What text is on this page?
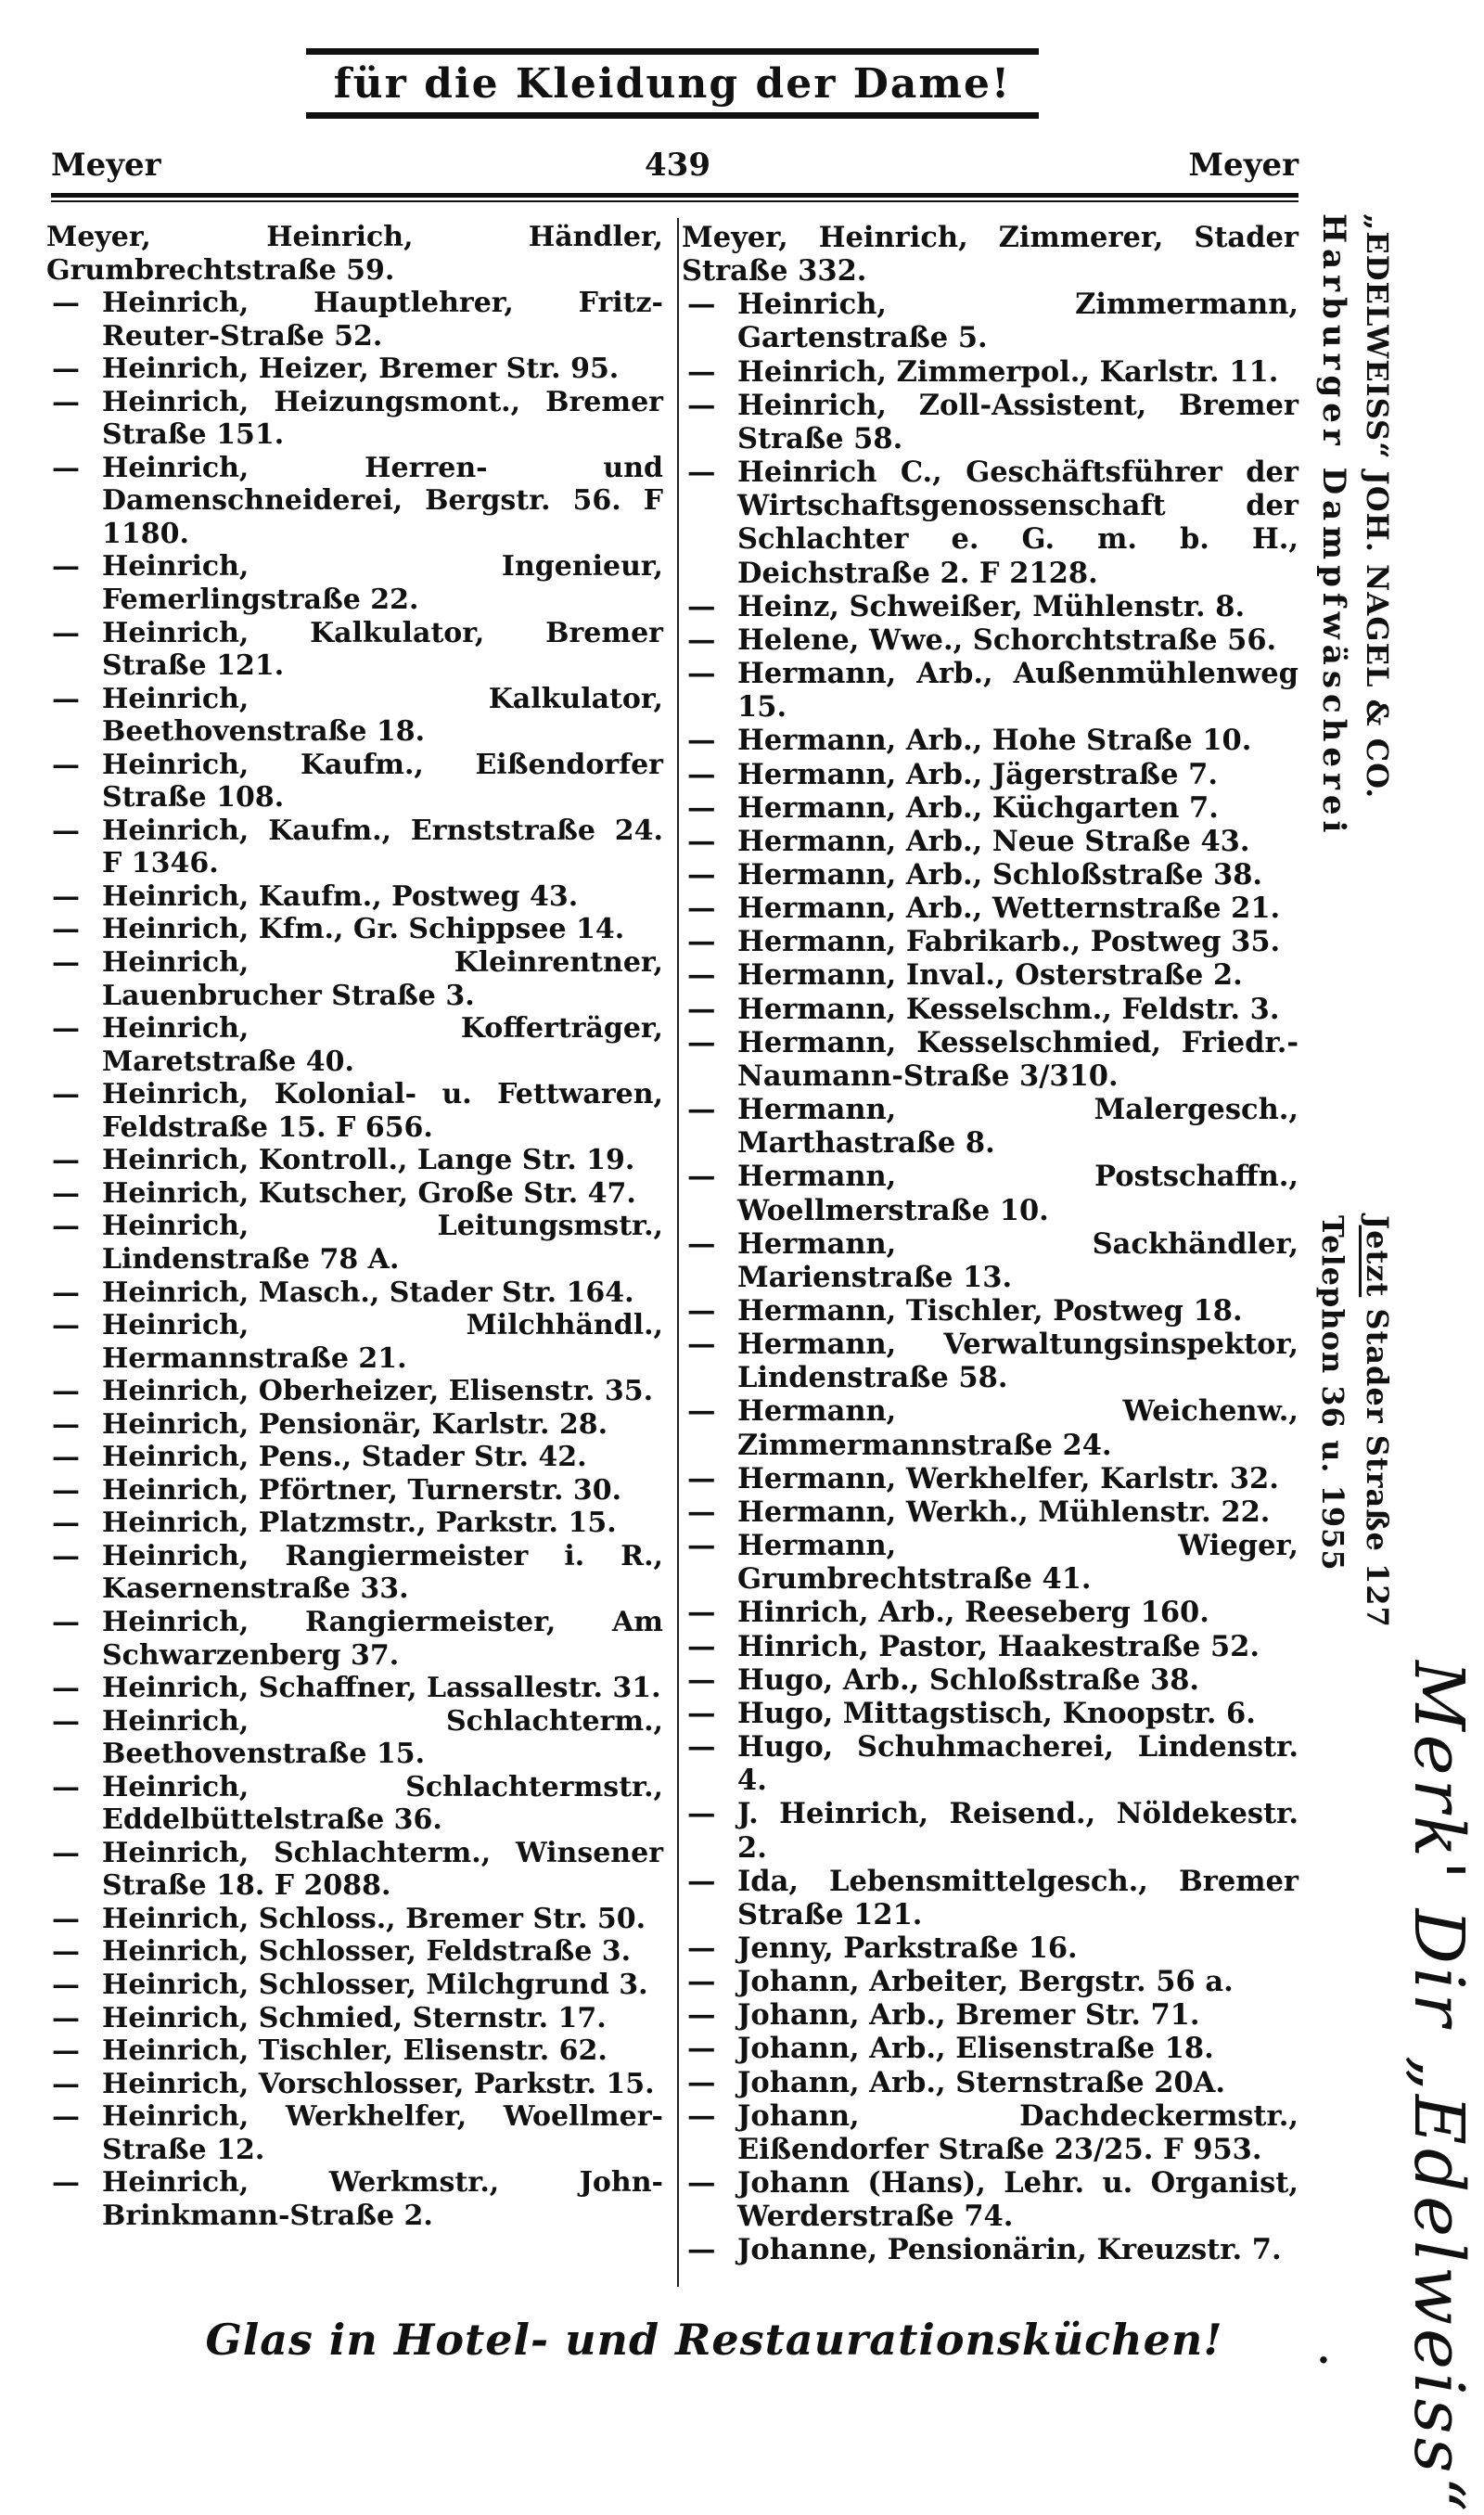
für die Kleidung der Dame!
Meyer	439	Meyer
Meyer, Heinrich, Händler, Grumbrechtstraße 59.
— Heinrich, Hauptlehrer, Fritz-Reuter-Straße 52.
— Heinrich, Heizer, Bremer Str. 95.
— Heinrich, Heizungsmont., Bremer Straße 151.
— Heinrich, Herren- und Damenschneiderei, Bergstr. 56. F 1180.
— Heinrich, Ingenieur, Femerlingstraße 22.
— Heinrich, Kalkulator, Bremer Straße 121.
— Heinrich, Kalkulator, Beethovenstraße 18.
— Heinrich, Kaufm., Eißendorfer Straße 108.
— Heinrich, Kaufm., Ernststraße 24. F 1346.
— Heinrich, Kaufm., Postweg 43.
— Heinrich, Kfm., Gr. Schippsee 14.
— Heinrich, Kleinrentner, Lauenbrucher Straße 3.
— Heinrich, Kofferträger, Maretstraße 40.
— Heinrich, Kolonial- u. Fettwaren, Feldstraße 15. F 656.
— Heinrich, Kontroll., Lange Str. 19.
— Heinrich, Kutscher, Große Str. 47.
— Heinrich, Leitungsmstr., Lindenstraße 78 A.
— Heinrich, Masch., Stader Str. 164.
— Heinrich, Milchhändl., Hermannstraße 21.
— Heinrich, Oberheizer, Elisenstr. 35.
— Heinrich, Pensionär, Karlstr. 28.
— Heinrich, Pens., Stader Str. 42.
— Heinrich, Pförtner, Turnerstr. 30.
— Heinrich, Platzmstr., Parkstr. 15.
— Heinrich, Rangiermeister i. R., Kasernenstraße 33.
— Heinrich, Rangiermeister, Am Schwarzenberg 37.
— Heinrich, Schaffner, Lassallestr. 31.
— Heinrich, Schlachterm., Beethovenstraße 15.
— Heinrich, Schlachtermstr., Eddelbüttelstraße 36.
— Heinrich, Schlachterm., Winsener Straße 18. F 2088.
— Heinrich, Schloss., Bremer Str. 50.
— Heinrich, Schlosser, Feldstraße 3.
— Heinrich, Schlosser, Milchgrund 3.
— Heinrich, Schmied, Sternstr. 17.
— Heinrich, Tischler, Elisenstr. 62.
— Heinrich, Vorschlosser, Parkstr. 15.
— Heinrich, Werkhelfer, Woellmer-Straße 12.
— Heinrich, Werkmstr., John-Brinkmann-Straße 2.
Meyer, Heinrich, Zimmerer, Stader Straße 332.
— Heinrich, Zimmermann, Gartenstraße 5.
— Heinrich, Zimmerpol., Karlstr. 11.
— Heinrich, Zoll-Assistent, Bremer Straße 58.
— Heinrich C., Geschäftsführer der Wirtschaftsgenossenschaft der Schlachter e. G. m. b. H., Deichstraße 2. F 2128.
— Heinz, Schweißer, Mühlenstr. 8.
— Helene, Wwe., Schorchtstraße 56.
— Hermann, Arb., Außenmühlenweg 15.
— Hermann, Arb., Hohe Straße 10.
— Hermann, Arb., Jägerstraße 7.
— Hermann, Arb., Küchgarten 7.
— Hermann, Arb., Neue Straße 43.
— Hermann, Arb., Schloßstraße 38.
— Hermann, Arb., Wetternstraße 21.
— Hermann, Fabrikarb., Postweg 35.
— Hermann, Inval., Osterstraße 2.
— Hermann, Kesselschm., Feldstr. 3.
— Hermann, Kesselschmied, Friedr.-Naumann-Straße 3/310.
— Hermann, Malergesch., Marthastraße 8.
— Hermann, Postschaffn., Woellmerstraße 10.
— Hermann, Sackhändler, Marienstraße 13.
— Hermann, Tischler, Postweg 18.
— Hermann, Verwaltungsinspektor, Lindenstraße 58.
— Hermann, Weichenw., Zimmermannstraße 24.
— Hermann, Werkhelfer, Karlstr. 32.
— Hermann, Werkh., Mühlenstr. 22.
— Hermann, Wieger, Grumbrechtstraße 41.
— Hinrich, Arb., Reeseberg 160.
— Hinrich, Pastor, Haakestraße 52.
— Hugo, Arb., Schloßstraße 38.
— Hugo, Mittagstisch, Knoopstr. 6.
— Hugo, Schuhmacherei, Lindenstr. 4.
— J. Heinrich, Reisend., Nöldekestr. 2.
— Ida, Lebensmittelgesch., Bremer Straße 121.
— Jenny, Parkstraße 16.
— Johann, Arbeiter, Bergstr. 56 a.
— Johann, Arb., Bremer Str. 71.
— Johann, Arb., Elisenstraße 18.
— Johann, Arb., Sternstraße 20A.
— Johann, Dachdeckermstr., Eißendorfer Straße 23/25. F 953.
— Johann (Hans), Lehr. u. Organist, Werderstraße 74.
— Johanne, Pensionärin, Kreuzstr. 7.
Harburger Dampfwäscherei „EDELWEISS“ JOH. NAGEL & CO.
Jetzt Stader Straße 127
Telephon 36 u. 1955
Merk' Dir „Edelweiss“
Glas in Hotel- und Restaurationsküchen!	.
